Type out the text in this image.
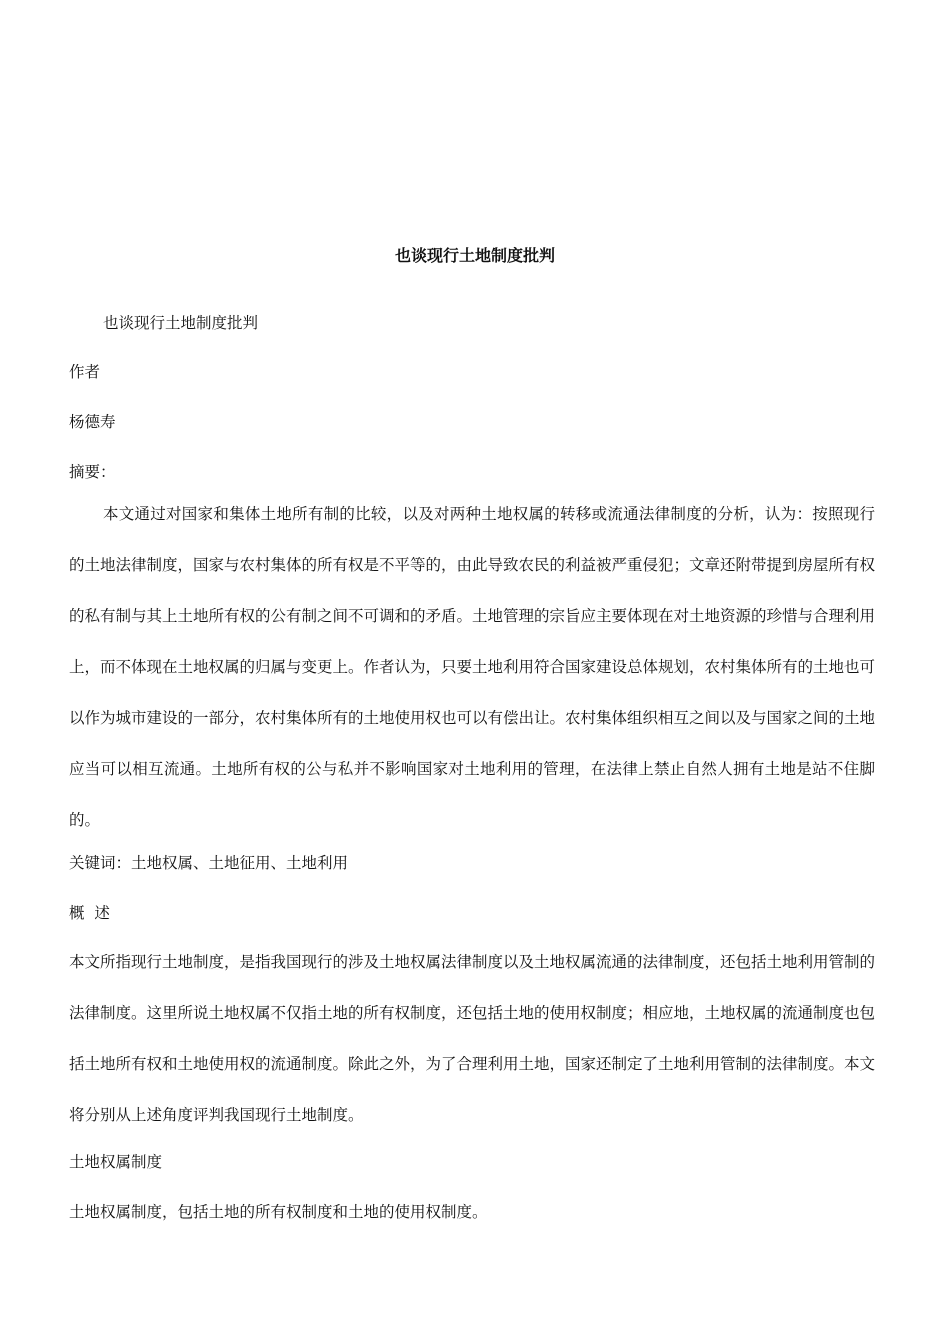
也谈现行土地制度批判

也谈现行土地制度批判

作者

杨德寿

摘要：

本文通过对国家和集体土地所有制的比较，以及对两种土地权属的转移或流通法律制度的分析，认为：按照现行的土地法律制度，国家与农村集体的所有权是不平等的，由此导致农民的利益被严重侵犯；文章还附带提到房屋所有权的私有制与其上土地所有权的公有制之间不可调和的矛盾。土地管理的宗旨应主要体现在对土地资源的珍惜与合理利用上，而不体现在土地权属的归属与变更上。作者认为，只要土地利用符合国家建设总体规划，农村集体所有的土地也可以作为城市建设的一部分，农村集体所有的土地使用权也可以有偿出让。农村集体组织相互之间以及与国家之间的土地应当可以相互流通。土地所有权的公与私并不影响国家对土地利用的管理，在法律上禁止自然人拥有土地是站不住脚的。

关键词：土地权属、土地征用、土地利用

概  述

本文所指现行土地制度，是指我国现行的涉及土地权属法律制度以及土地权属流通的法律制度，还包括土地利用管制的法律制度。这里所说土地权属不仅指土地的所有权制度，还包括土地的使用权制度；相应地，土地权属的流通制度也包括土地所有权和土地使用权的流通制度。除此之外，为了合理利用土地，国家还制定了土地利用管制的法律制度。本文将分别从上述角度评判我国现行土地制度。

土地权属制度

土地权属制度，包括土地的所有权制度和土地的使用权制度。
